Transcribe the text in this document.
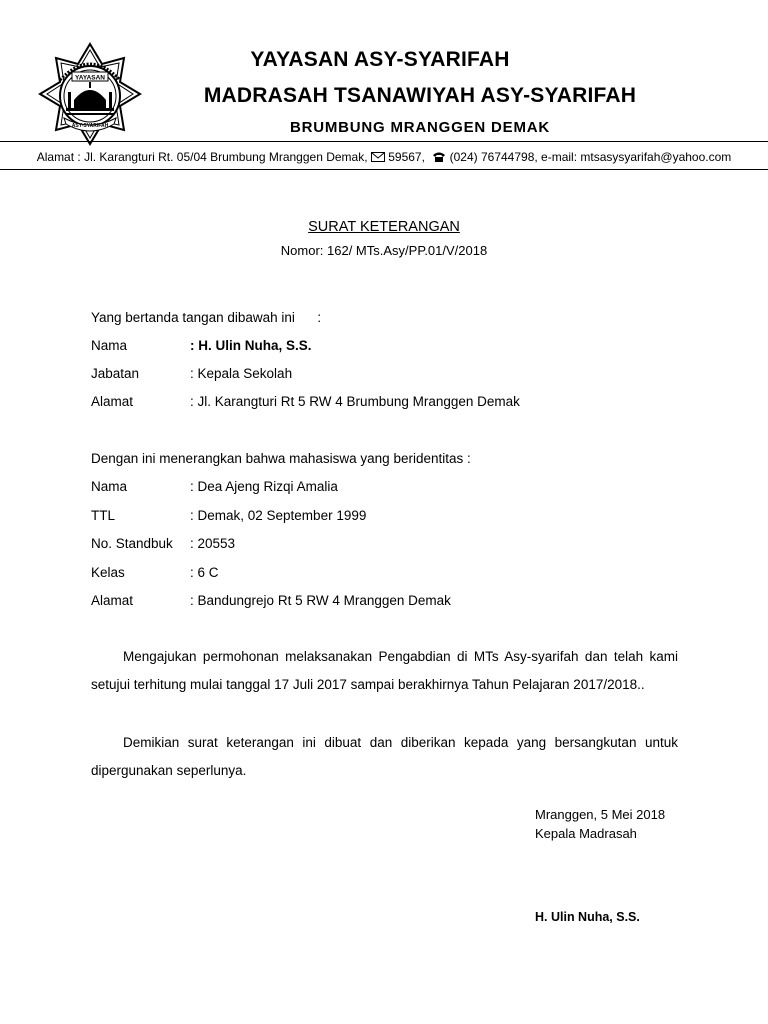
YAYASAN
ASY-SYARIFAH
YAYASAN ASY-SYARIFAH
MADRASAH TSANAWIYAH ASY-SYARIFAH
BRUMBUNG MRANGGEN DEMAK
Alamat : Jl. Karangturi Rt. 05/04 Brumbung Mranggen Demak, 59567, (024) 76744798, e-mail: mtsasysyarifah@yahoo.com
SURAT KETERANGAN
Nomor: 162/ MTs.Asy/PP.01/V/2018
Yang bertanda tangan dibawah ini      :
Nama	: H. Ulin Nuha, S.S.
Jabatan	: Kepala Sekolah
Alamat	: Jl. Karangturi Rt 5 RW 4 Brumbung Mranggen Demak
Dengan ini menerangkan bahwa mahasiswa yang beridentitas :
Nama	: Dea Ajeng Rizqi Amalia
TTL	: Demak, 02 September 1999
No. Standbuk : 20553
Kelas	: 6 C
Alamat	: Bandungrejo Rt 5 RW 4 Mranggen Demak
Mengajukan permohonan melaksanakan Pengabdian di MTs Asy-syarifah dan telah kami setujui terhitung mulai tanggal 17 Juli 2017 sampai berakhirnya Tahun Pelajaran 2017/2018..
Demikian surat keterangan ini dibuat dan diberikan kepada yang bersangkutan untuk dipergunakan seperlunya.
Mranggen, 5 Mei 2018
Kepala Madrasah
H. Ulin Nuha, S.S.
